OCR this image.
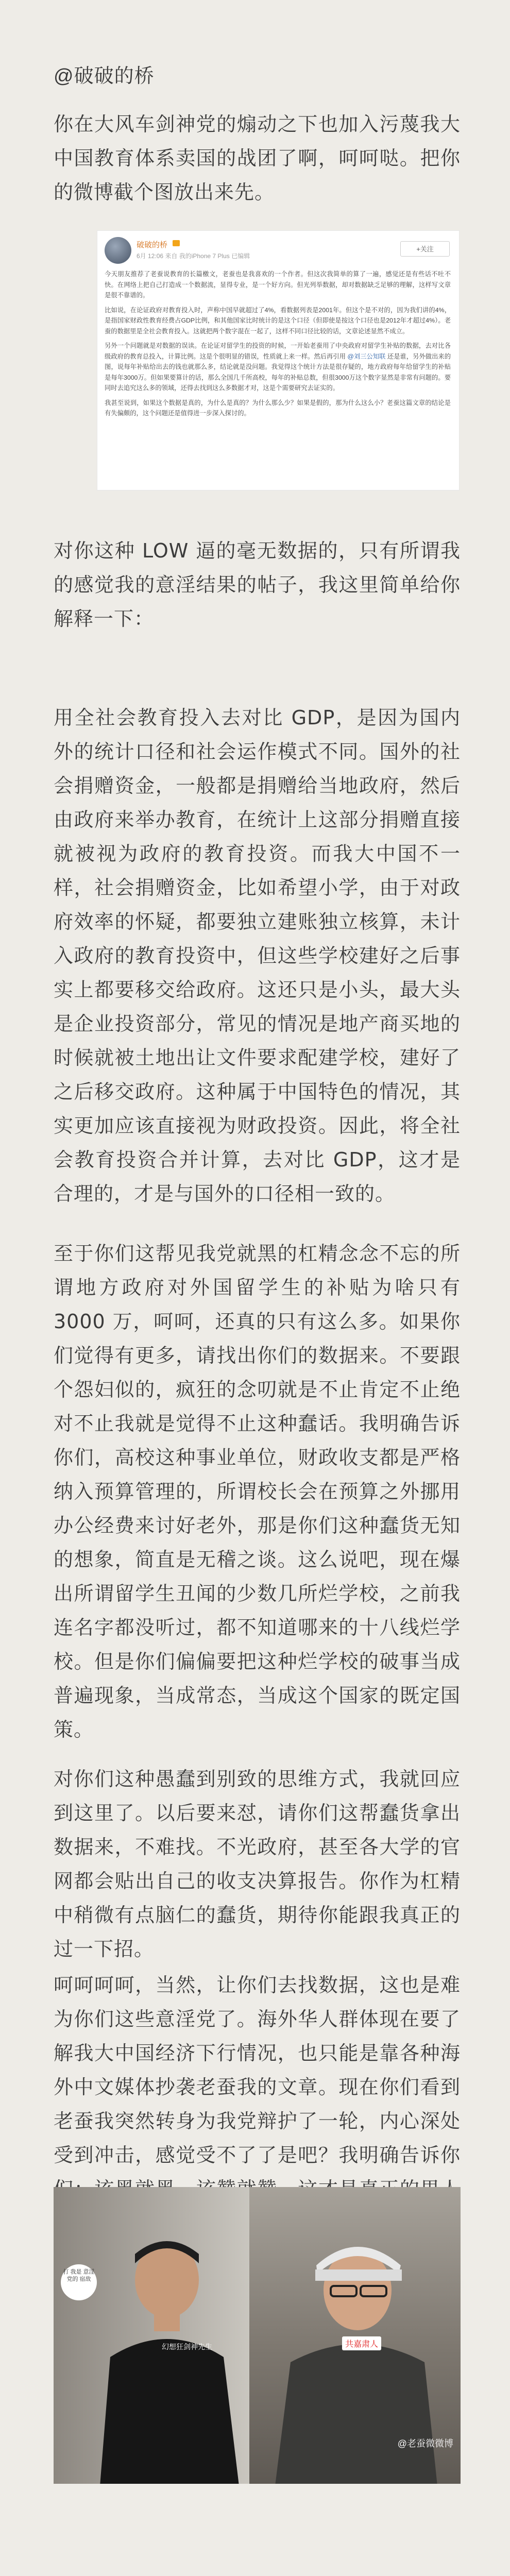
@破破的桥
你在大风车剑神党的煽动之下也加入污蔑我大中国教育体系卖国的战团了啊，呵呵哒。把你的微博截个图放出来先。
破破的桥
6月 12:06 来自 我的iPhone 7 Plus 已编辑
+关注

今天朋友推荐了老蚕说教育的长篇檄文，老蚕也是我喜欢的一个作者。但这次我简单的算了一遍，感觉还是有些话不吐不快。在网络上把自己打造成一个数据流，显得专业，是一个好方向。但光列举数据，却对数据缺乏足够的理解，这样写文章是很不靠谱的。

比如说，在论证政府对教育投入时，声称中国早就超过了4%，看数据列表是2001年。但这个是不对的，因为我们讲的4%，是指国家财政性教育经费占GDP比例，和其他国家比时统计的是这个口径（但即使是按这个口径也是2012年才超过4%）。老蚕的数据里是全社会教育投入。这就把两个数字混在一起了，这样不同口径比较的话，文章论述显然不成立。

另外一个问题就是对数据的误读。在论证对留学生的投资的时候，一开始老蚕用了中央政府对留学生补贴的数据，去对比各级政府的教育总投入，计算比例。这是个很明显的错误，性质就上来一样。然后再引用 @刘三公知联 还是谁，另外做出来的图，说每年补贴给出去的钱也就那么多，结论就是没问题。我觉得这个统计方法是很存疑的，地方政府每年给留学生的补贴是每年3000万。但如果要算计的话，那么全国几千所高校，每年的补贴总数，但很3000万这个数字显然是非常有问题的。要同时去追究这么多的领域，还得去找到这么多数据才对，这是个需要研究去证实的。

我甚至说到，如果这个数据是真的，为什么是真的？为什么那么少？如果是假的，那为什么这么小？老蚕这篇文章的结论是有失偏颇的，这个问题还是值得进一步深入探讨的。

对你这种 LOW 逼的毫无数据的，只有所谓我的感觉我的意淫结果的帖子，我这里简单给你解释一下：
用全社会教育投入去对比 GDP，是因为国内外的统计口径和社会运作模式不同。国外的社会捐赠资金，一般都是捐赠给当地政府，然后由政府来举办教育，在统计上这部分捐赠直接就被视为政府的教育投资。而我大中国不一样，社会捐赠资金，比如希望小学，由于对政府效率的怀疑，都要独立建账独立核算，未计入政府的教育投资中，但这些学校建好之后事实上都要移交给政府。这还只是小头，最大头是企业投资部分，常见的情况是地产商买地的时候就被土地出让文件要求配建学校，建好了之后移交政府。这种属于中国特色的情况，其实更加应该直接视为财政投资。因此，将全社会教育投资合并计算，去对比 GDP，这才是合理的，才是与国外的口径相一致的。
至于你们这帮见我党就黑的杠精念念不忘的所谓地方政府对外国留学生的补贴为啥只有 3000 万，呵呵，还真的只有这么多。如果你们觉得有更多，请找出你们的数据来。不要跟个怨妇似的，疯狂的念叨就是不止肯定不止绝对不止我就是觉得不止这种蠢话。我明确告诉你们，高校这种事业单位，财政收支都是严格纳入预算管理的，所谓校长会在预算之外挪用办公经费来讨好老外，那是你们这种蠢货无知的想象，简直是无稽之谈。这么说吧，现在爆出所谓留学生丑闻的少数几所烂学校，之前我连名字都没听过，都不知道哪来的十八线烂学校。但是你们偏偏要把这种烂学校的破事当成普遍现象，当成常态，当成这个国家的既定国策。
对你们这种愚蠢到别致的思维方式，我就回应到这里了。以后要来怼，请你们这帮蠢货拿出数据来，不难找。不光政府，甚至各大学的官网都会贴出自己的收支决算报告。你作为杠精中稍微有点脑仁的蠢货，期待你能跟我真正的过一下招。
呵呵呵呵，当然，让你们去找数据，这也是难为你们这些意淫党了。海外华人群体现在要了解我大中国经济下行情况，也只能是靠各种海外中文媒体抄袭老蚕我的文章。现在你们看到老蚕我突然转身为我党辩护了一轮，内心深处受到冲击，感觉受不了了是吧？我明确告诉你
打 我是 意淫 党的 宿敌
幻想狂剑神先生	共嘉肃人
@老蚕微微博
